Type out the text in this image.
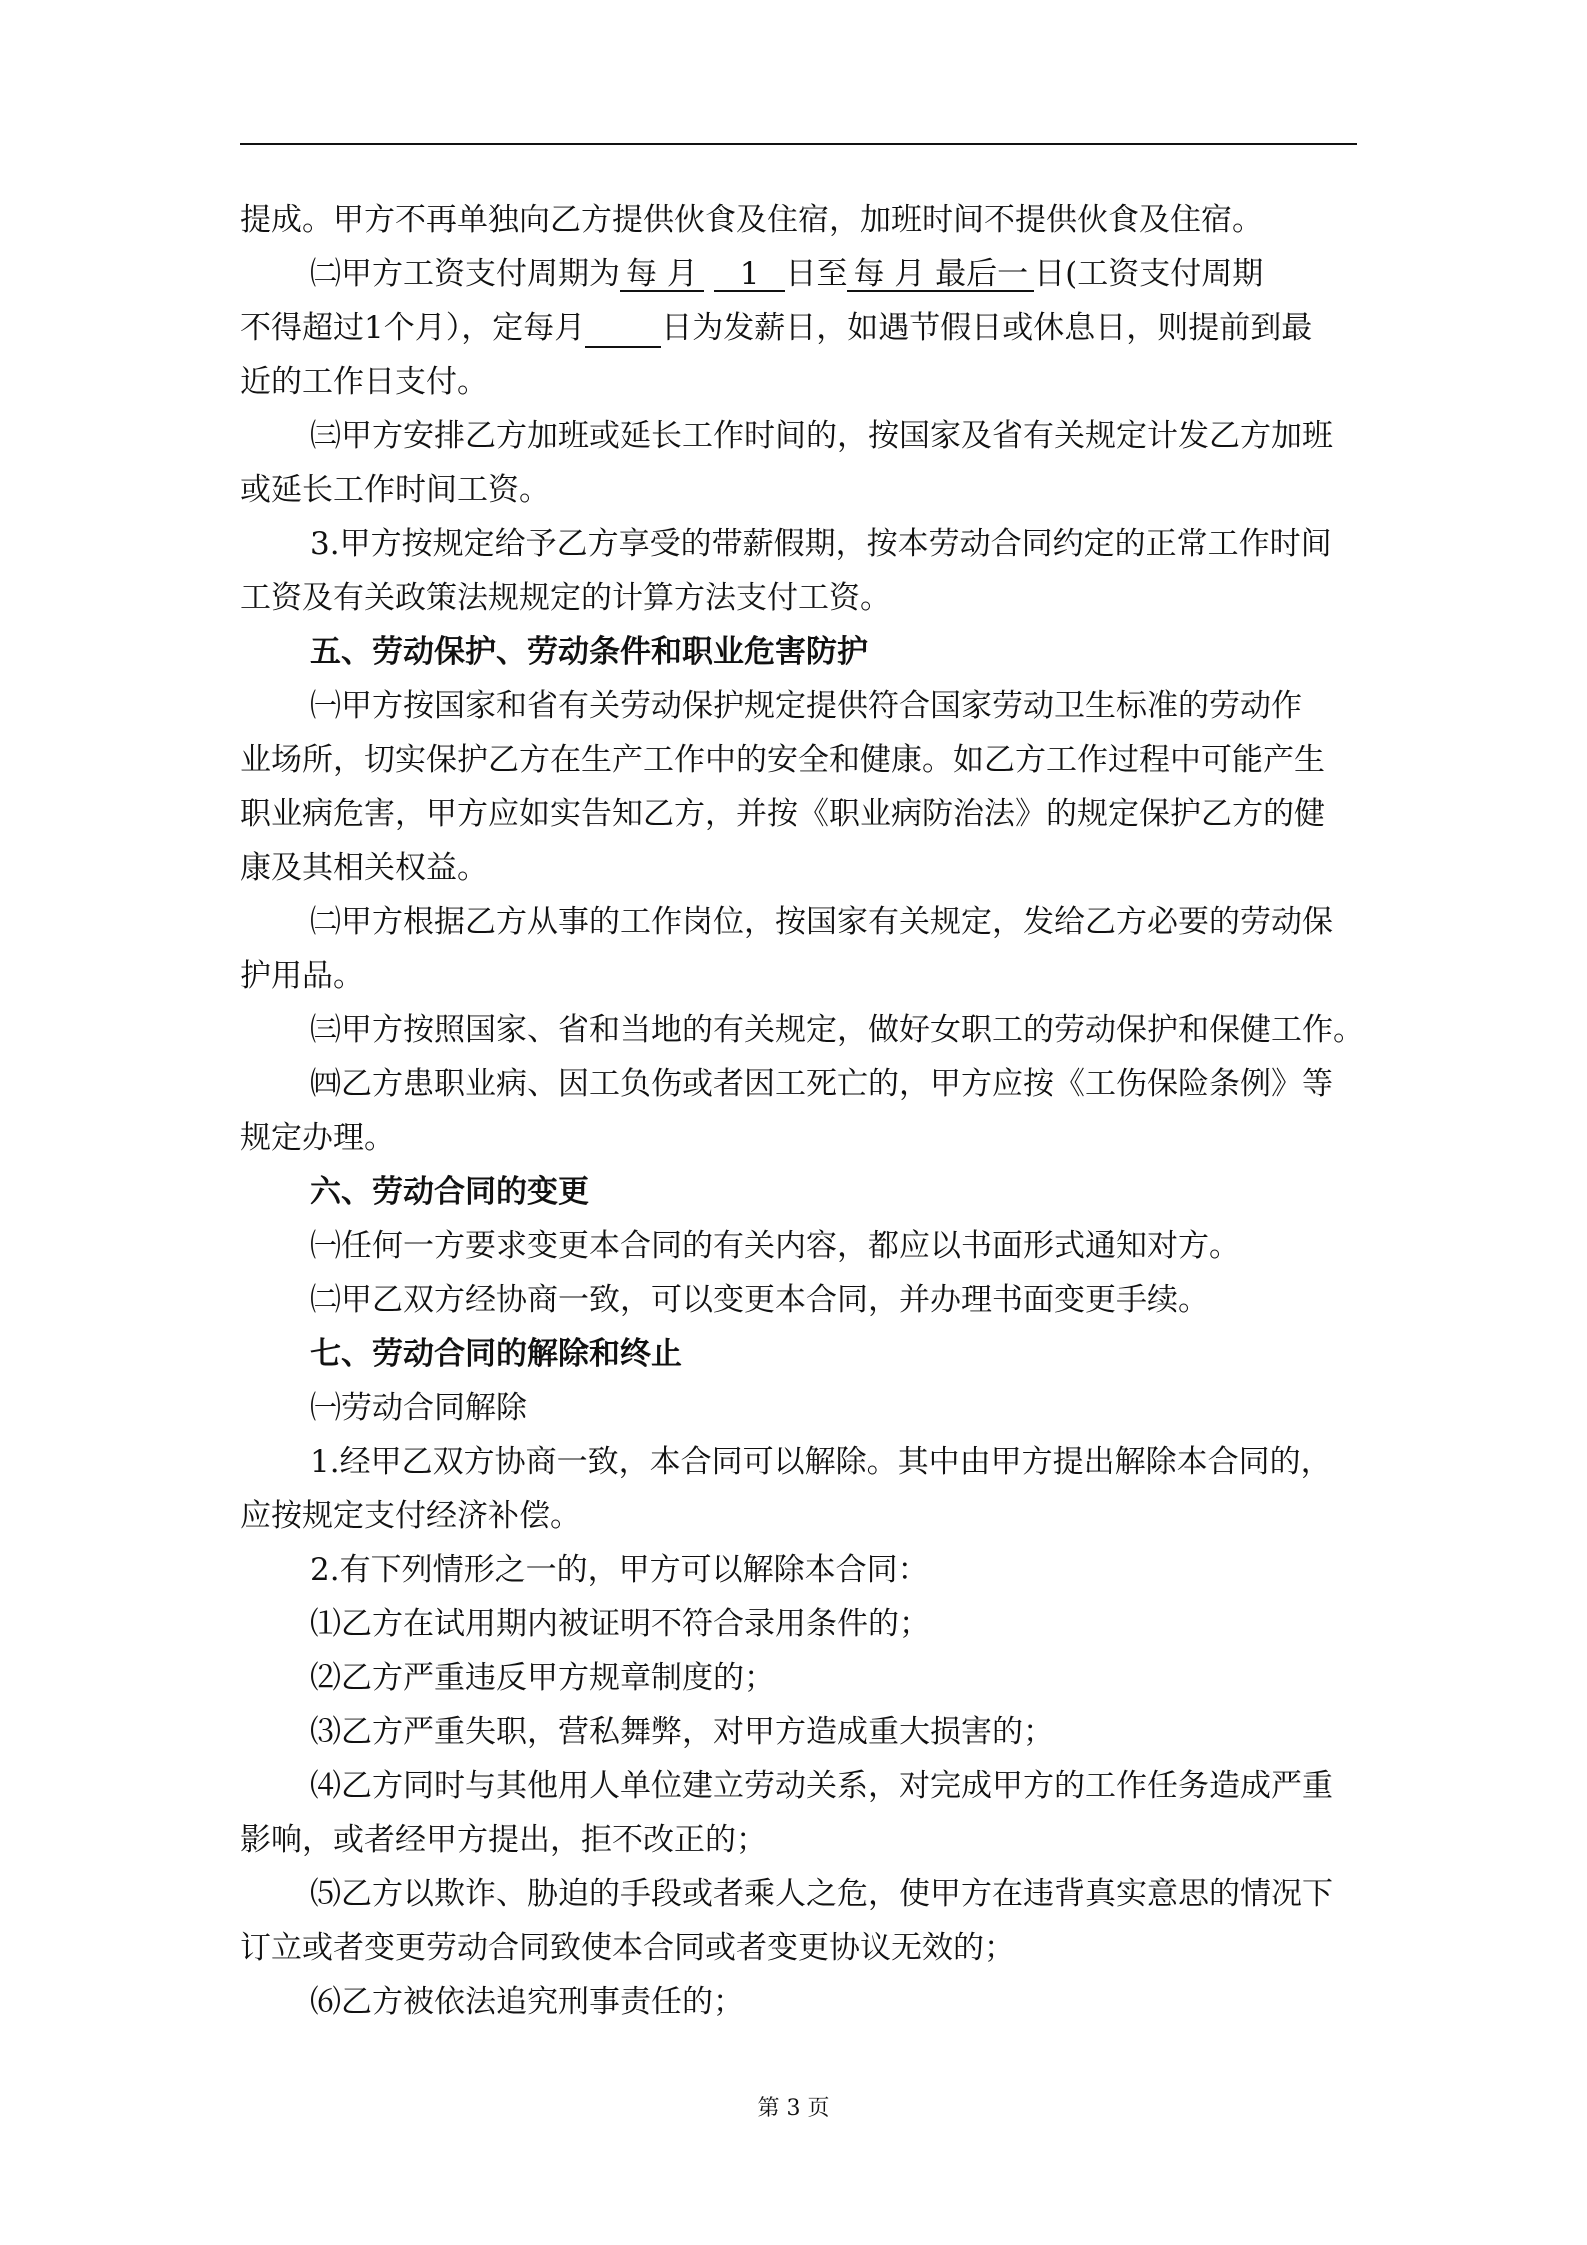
提成。甲方不再单独向乙方提供伙食及住宿，加班时间不提供伙食及住宿。
㈡甲方工资支付周期为 每 月 1 日至 每 月 最后一 日(工资支付周期
不得超过1个月），定每月 日为发薪日，如遇节假日或休息日，则提前到最
近的工作日支付。
㈢甲方安排乙方加班或延长工作时间的，按国家及省有关规定计发乙方加班
或延长工作时间工资。
3.甲方按规定给予乙方享受的带薪假期，按本劳动合同约定的正常工作时间
工资及有关政策法规规定的计算方法支付工资。
五、劳动保护、劳动条件和职业危害防护
㈠甲方按国家和省有关劳动保护规定提供符合国家劳动卫生标准的劳动作
业场所，切实保护乙方在生产工作中的安全和健康。如乙方工作过程中可能产生
职业病危害，甲方应如实告知乙方，并按《职业病防治法》的规定保护乙方的健
康及其相关权益。
㈡甲方根据乙方从事的工作岗位，按国家有关规定，发给乙方必要的劳动保
护用品。
㈢甲方按照国家、省和当地的有关规定，做好女职工的劳动保护和保健工作。
㈣乙方患职业病、因工负伤或者因工死亡的，甲方应按《工伤保险条例》等
规定办理。
六、劳动合同的变更
㈠任何一方要求变更本合同的有关内容，都应以书面形式通知对方。
㈡甲乙双方经协商一致，可以变更本合同，并办理书面变更手续。
七、劳动合同的解除和终止
㈠劳动合同解除
1.经甲乙双方协商一致，本合同可以解除。其中由甲方提出解除本合同的，
应按规定支付经济补偿。
2.有下列情形之一的，甲方可以解除本合同：
⑴乙方在试用期内被证明不符合录用条件的；
⑵乙方严重违反甲方规章制度的；
⑶乙方严重失职，营私舞弊，对甲方造成重大损害的；
⑷乙方同时与其他用人单位建立劳动关系，对完成甲方的工作任务造成严重
影响，或者经甲方提出，拒不改正的；
⑸乙方以欺诈、胁迫的手段或者乘人之危，使甲方在违背真实意思的情况下
订立或者变更劳动合同致使本合同或者变更协议无效的；
⑹乙方被依法追究刑事责任的；
第 3 页
